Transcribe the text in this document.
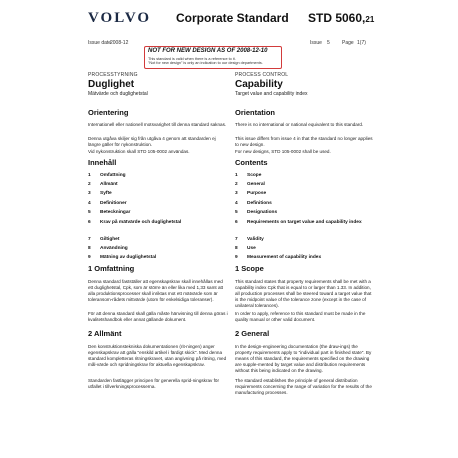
VOLVO Corporate Standard STD 5060,21
Issue date
2008-12	Issue 5 Page 1(7)
NOT FOR NEW DESIGN AS OF 2008-12-10
This standard is valid when there is a reference to it.
"Not for new design" is only an indication to our design departments.
PROCESSTYRNING
Duglighet
Mätvärde och duglighetstal
Orientering
Internationell eller nationell motsvarighet till denna standard saknas.
Denna utgåva skiljer sig från utgåva 4 genom att standarden ej längre gäller för nykonstruktion.
Vid nykonstruktion skall STD 105-0002 användas.
Innehåll
1 Omfattning
2 Allmänt
3 Syfte
4 Definitioner
5 Beteckningar
6 Krav på mätvärde och duglighetstal
7 Giltighet
8 Användning
9 Mätning av duglighetstal
1 Omfattning
Denna standard fastställer att egenskapskrav skall innehållas med ett duglighetstal, Cpk, som är större än eller lika med 1,33 samt att alla produktionsprocesser skall inriktas mot ett mätvärde som är toleransom-rådets mittvärde (utom för enkelsidiga toleranser).
För att denna standard skall gälla måste hänvisning till denna göras i kvalitetshandbok eller annat gällande dokument.
2 Allmänt
Den konstruktionstekniska dokumentationen (rit-ningen) anger egenskapskrav att gälla "enskild artikel i färdigt skick". Med denna standard kompletteras ritningskravet, utan angivning på ritning, med mål-värde och spridningskrav för aktuella egenskapskrav.
Standarden fastlägger principen för generella sprid-ningskrav för utfallet i tillverkningsprocesserna.
PROCESS CONTROL
Capability
Target value and capability index
Orientation
There is no international or national equivalent to this standard.
This issue differs from issue 4 in that the standard no longer applies to new design.
For new designs, STD 105-0002 shall be used.
Contents
1 Scope
2 General
3 Purpose
4 Definitions
5 Designations
6 Requirements on target value and capability index
7 Validity
8 Use
9 Measurement of capability index
1 Scope
This standard states that property requirements shall be met with a capability index Cpk that is equal to or larger than 1.33. In addition, all production processes shall be steered toward a target value that is the midpoint value of the tolerance zone (except in the case of unilateral tolerances).
In order to apply, reference to this standard must be made in the quality manual or other valid document.
2 General
In the design-engineering documentation (the draw-ings) the property requirements apply to "individual part in finished state". By means of this standard, the requirements specified on the drawing are supple-mented by target value and distribution requirements without this being indicated on the drawing.
The standard establishes the principle of general distribution requirements concerning the range of variation for the results of the manufacturing processes.
